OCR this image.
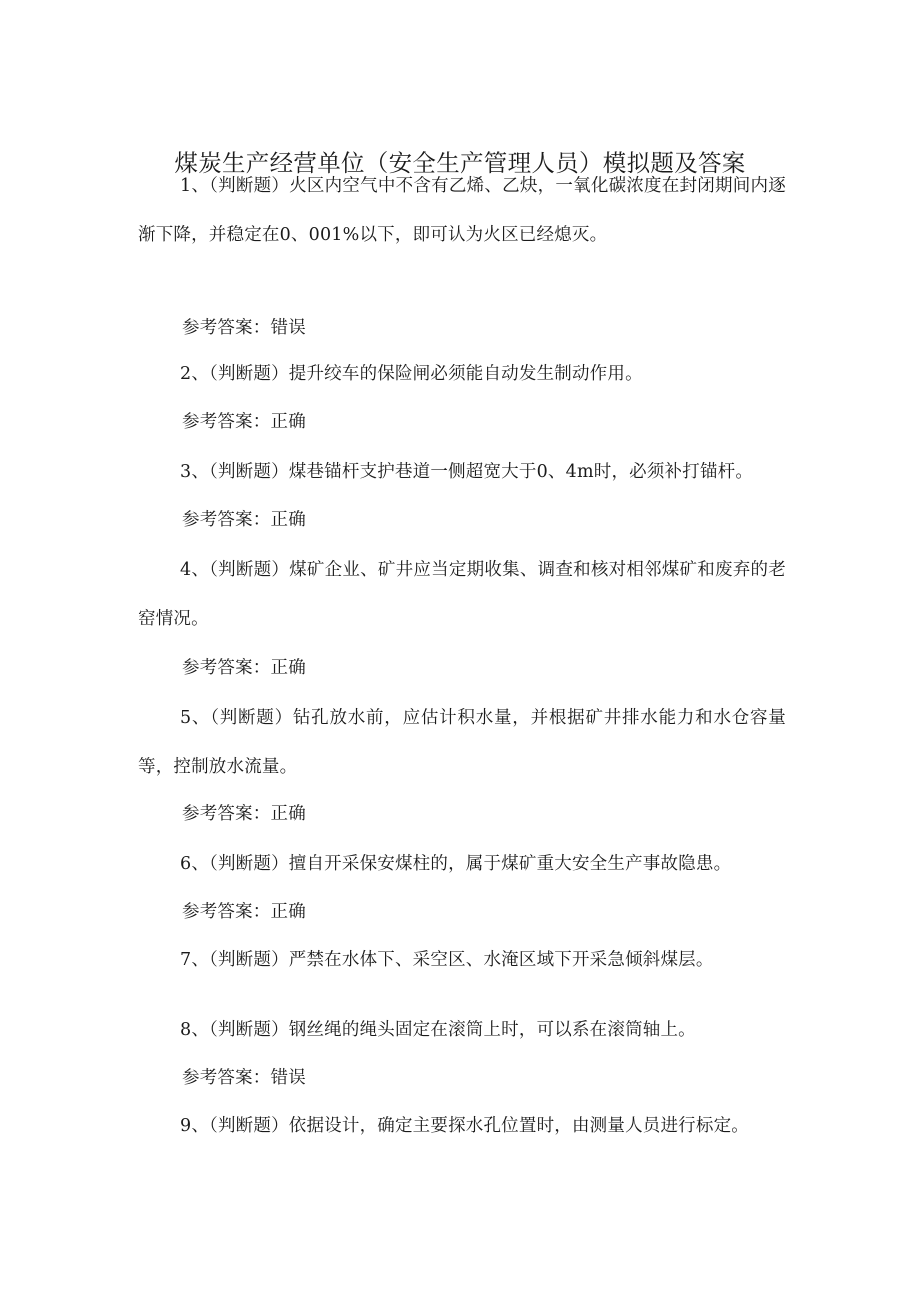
煤炭生产经营单位（安全生产管理人员）模拟题及答案
1、（判断题）火区内空气中不含有乙烯、乙炔，一氧化碳浓度在封闭期间内逐渐下降，并稳定在0、001%以下，即可认为火区已经熄灭。
参考答案：错误
2、（判断题）提升绞车的保险闸必须能自动发生制动作用。
参考答案：正确
3、（判断题）煤巷锚杆支护巷道一侧超宽大于0、4m时，必须补打锚杆。
参考答案：正确
4、（判断题）煤矿企业、矿井应当定期收集、调查和核对相邻煤矿和废弃的老窑情况。
参考答案：正确
5、（判断题）钻孔放水前，应估计积水量，并根据矿井排水能力和水仓容量等，控制放水流量。
参考答案：正确
6、（判断题）擅自开采保安煤柱的，属于煤矿重大安全生产事故隐患。
参考答案：正确
7、（判断题）严禁在水体下、采空区、水淹区域下开采急倾斜煤层。
8、（判断题）钢丝绳的绳头固定在滚筒上时，可以系在滚筒轴上。
参考答案：错误
9、（判断题）依据设计，确定主要探水孔位置时，由测量人员进行标定。
